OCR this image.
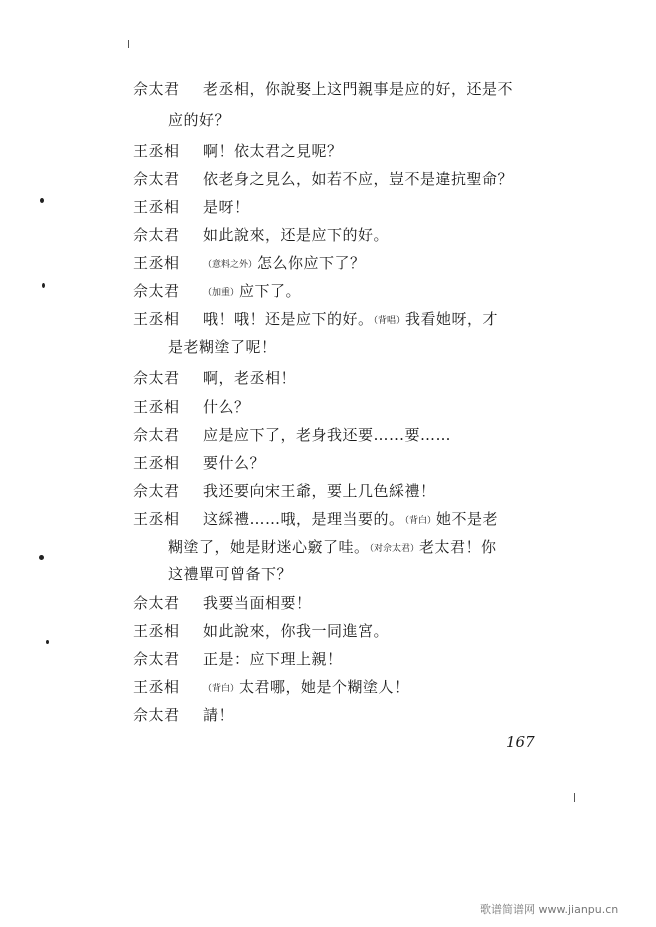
佘太君 老丞相，你說娶上这門親事是应的好，还是不
应的好？
王丞相 啊！依太君之見呢？
佘太君 依老身之見么，如若不应，豈不是違抗聖命？
王丞相 是呀！
佘太君 如此說來，还是应下的好。
王丞相	（意料之外）怎么你应下了？
佘太君	（加重）应下了。
王丞相 哦！哦！还是应下的好。（背唱）我看她呀，才
是老糊塗了呢！
佘太君 啊，老丞相！
王丞相 什么？
佘太君 应是应下了，老身我还要……要……
王丞相 要什么？
佘太君 我还要向宋王爺，要上几色綵禮！
王丞相 这綵禮……哦，是理当要的。（背白）她不是老
糊塗了，她是財迷心竅了哇。（对佘太君）老太君！你
这禮單可曾备下？
佘太君 我要当面相要！
王丞相 如此說來，你我一同進宮。
佘太君 正是：应下理上親！
王丞相	（背白）太君哪，她是个糊塗人！
佘太君 請！
167
歌谱简谱网 www.jianpu.cn
